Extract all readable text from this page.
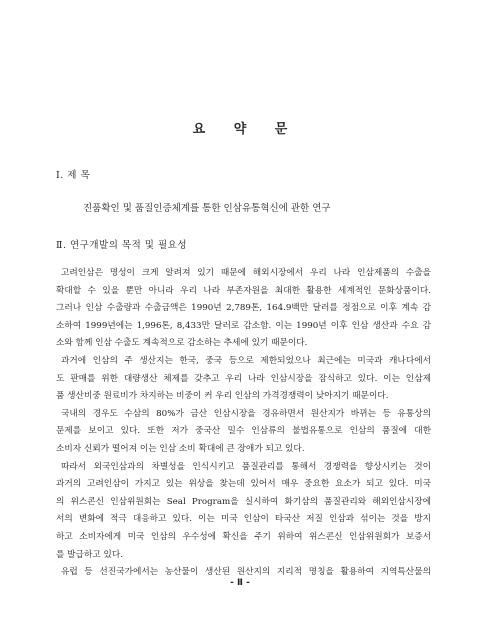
요 약 문
Ⅰ. 제 목
진품확인 및 품질인증체계를 통한 인삼유통혁신에 관한 연구
Ⅱ. 연구개발의 목적 및 필요성
고려인삼은 명성이 크게 알려져 있기 때문에 해외시장에서 우리 나라 인삼제품의 수출을
확대할 수 있을 뿐만 아니라 우리 나라 부존자원을 최대한 활용한 세계적인 문화상품이다.
그러나 인삼 수출량과 수출금액은 1990년 2,789톤, 164.9백만 달러를 정점으로 이후 계속 감
소하여 1999년에는 1,996톤, 8,433만 달러로 감소함. 이는 1990년 이후 인삼 생산과 수요 감
소와 함께 인삼 수출도 계속적으로 감소하는 추세에 있기 때문이다.
과거에 인삼의 주 생산지는 한국, 중국 등으로 제한되었으나 최근에는 미국과 캐나다에서
도 판매를 위한 대량생산 체제를 갖추고 우리 나라 인삼시장을 잠식하고 있다. 이는 인삼제
품 생산비중 원료비가 차지하는 비중이 커 우리 인삼의 가격경쟁력이 낮아지기 때문이다.
국내의 경우도 수삼의 80%가 금산 인삼시장을 경유하면서 원산지가 바뀌는 등 유통상의
문제를 보이고 있다. 또한 저가 중국산 밀수 인삼류의 불법유통으로 인삼의 품질에 대한
소비자 신뢰가 떨어져 이는 인삼 소비 확대에 큰 장애가 되고 있다.
따라서 외국인삼과의 차별성을 인식시키고 품질관리를 통해서 경쟁력을 향상시키는 것이
과거의 고려인삼이 가지고 있는 위상을 찾는데 있어서 매우 중요한 요소가 되고 있다. 미국
의 위스콘신 인삼위원회는 Seal Program을 실시하여 화기삼의 품질관리와 해외인삼시장에
서의 변화에 적극 대응하고 있다. 이는 미국 인삼이 타국산 저질 인삼과 섞이는 것을 방지
하고 소비자에게 미국 인삼의 우수성에 확신을 주기 위하여 위스콘신 인삼위원회가 보증서
를 발급하고 있다.
유럽 등 선진국가에서는 농산물이 생산된 원산지의 지리적 명칭을 활용하여 지역특산물의
- Ⅱ -
